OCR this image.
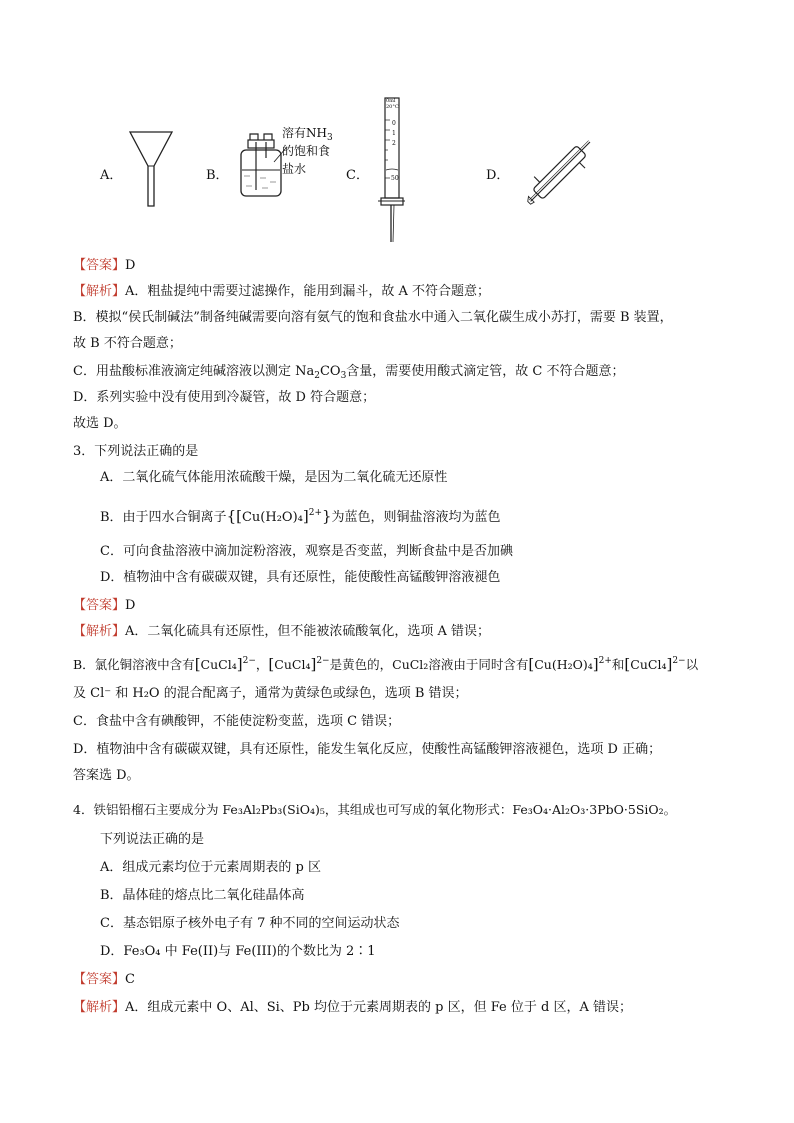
A．	B．
溶有$NH_3$
的饱和食
盐水	C．
0ml
20°C
0
1
2
50	D．
【答案】D
【解析】A．粗盐提纯中需要过滤操作，能用到漏斗，故 A 不符合题意；
B．模拟“侯氏制碱法”制备纯碱需要向溶有氨气的饱和食盐水中通入二氧化碳生成小苏打，需要 B 装置，
故 B 不符合题意；
C．用盐酸标准液滴定纯碱溶液以测定 $Na_2CO_3$含量，需要使用酸式滴定管，故 C 不符合题意；
D．系列实验中没有使用到冷凝管，故 D 符合题意；
故选 D。
3．下列说法正确的是
A．二氧化硫气体能用浓硫酸干燥，是因为二氧化硫无还原性
B．由于四水合铜离子$\{[Cu(H_2O)_4]^{2+}\}$为蓝色，则铜盐溶液均为蓝色
C．可向食盐溶液中滴加淀粉溶液，观察是否变蓝，判断食盐中是否加碘
D．植物油中含有碳碳双键，具有还原性，能使酸性高锰酸钾溶液褪色
【答案】D
【解析】A．二氧化硫具有还原性，但不能被浓硫酸氧化，选项 A 错误；
B．氯化铜溶液中含有[CuCl₄]$^{2-}$，[CuCl₄]$^{2-}$是黄色的，CuCl₂溶液由于同时含有$[Cu(H_2O)_4]^{2+}$和[CuCl₄]$^{2-}$以
及 Cl⁻ 和 H₂O 的混合配离子，通常为黄绿色或绿色，选项 B 错误；
C．食盐中含有碘酸钾，不能使淀粉变蓝，选项 C 错误；
D．植物油中含有碳碳双键，具有还原性，能发生氧化反应，使酸性高锰酸钾溶液褪色，选项 D 正确；
答案选 D。
4．铁铝铅榴石主要成分为 Fe₃Al₂Pb₃(SiO₄)₅，其组成也可写成的氧化物形式：Fe₃O₄·Al₂O₃·3PbO·5SiO₂。
下列说法正确的是
A．组成元素均位于元素周期表的 p 区
B．晶体硅的熔点比二氧化硅晶体高
C．基态铝原子核外电子有 7 种不同的空间运动状态
D．Fe₃O₄ 中 Fe(II)与 Fe(III)的个数比为 2∶1
【答案】C
【解析】A．组成元素中 O、Al、Si、Pb 均位于元素周期表的 p 区，但 Fe 位于 d 区，A 错误；
